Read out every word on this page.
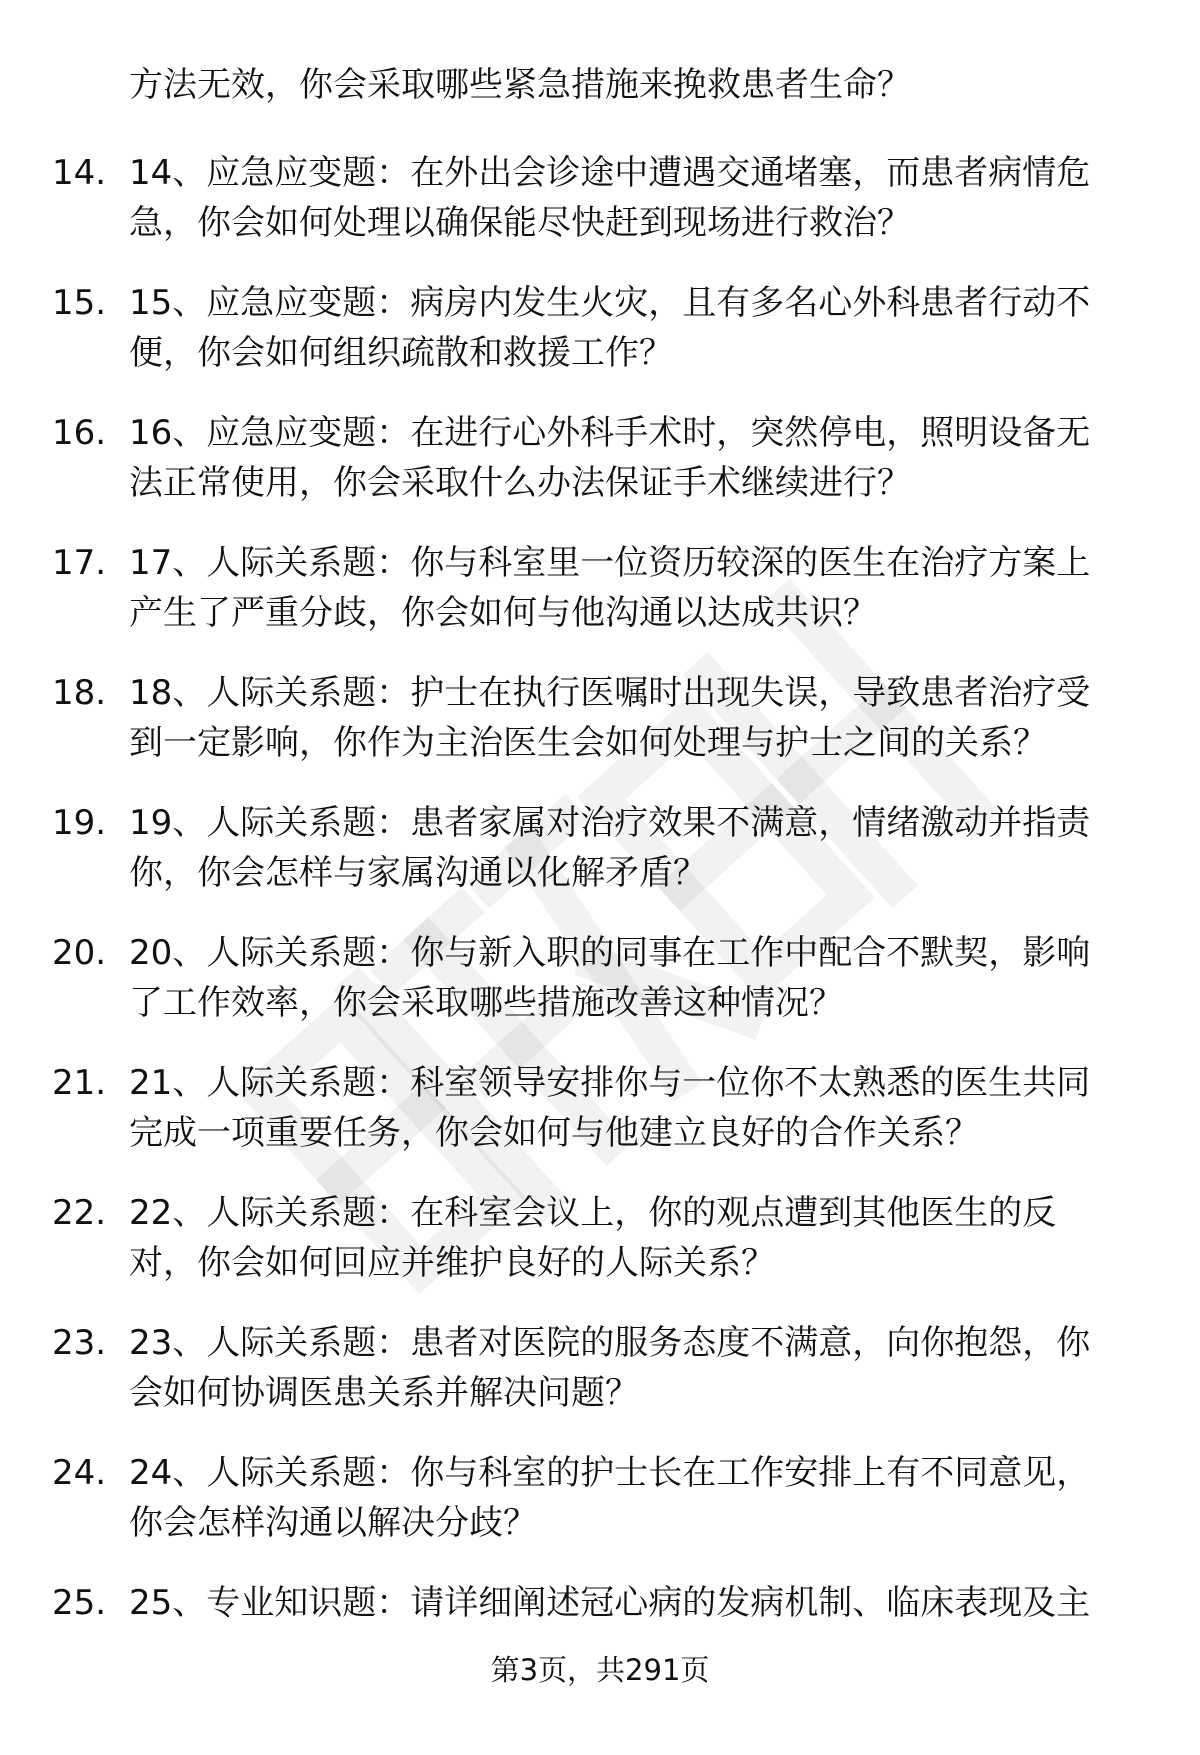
方法无效，你会采取哪些紧急措施来挽救患者生命？
14. 14、应急应变题：在外出会诊途中遭遇交通堵塞，而患者病情危
急，你会如何处理以确保能尽快赶到现场进行救治？
15. 15、应急应变题：病房内发生火灾，且有多名心外科患者行动不
便，你会如何组织疏散和救援工作？
16. 16、应急应变题：在进行心外科手术时，突然停电，照明设备无
法正常使用，你会采取什么办法保证手术继续进行？
17. 17、人际关系题：你与科室里一位资历较深的医生在治疗方案上
产生了严重分歧，你会如何与他沟通以达成共识？
18. 18、人际关系题：护士在执行医嘱时出现失误，导致患者治疗受
到一定影响，你作为主治医生会如何处理与护士之间的关系？
19. 19、人际关系题：患者家属对治疗效果不满意，情绪激动并指责
你，你会怎样与家属沟通以化解矛盾？
20. 20、人际关系题：你与新入职的同事在工作中配合不默契，影响
了工作效率，你会采取哪些措施改善这种情况？
21. 21、人际关系题：科室领导安排你与一位你不太熟悉的医生共同
完成一项重要任务，你会如何与他建立良好的合作关系？
22. 22、人际关系题：在科室会议上，你的观点遭到其他医生的反
对，你会如何回应并维护良好的人际关系？
23. 23、人际关系题：患者对医院的服务态度不满意，向你抱怨，你
会如何协调医患关系并解决问题？
24. 24、人际关系题：你与科室的护士长在工作安排上有不同意见，
你会怎样沟通以解决分歧？
25. 25、专业知识题：请详细阐述冠心病的发病机制、临床表现及主
第3页，共291页
